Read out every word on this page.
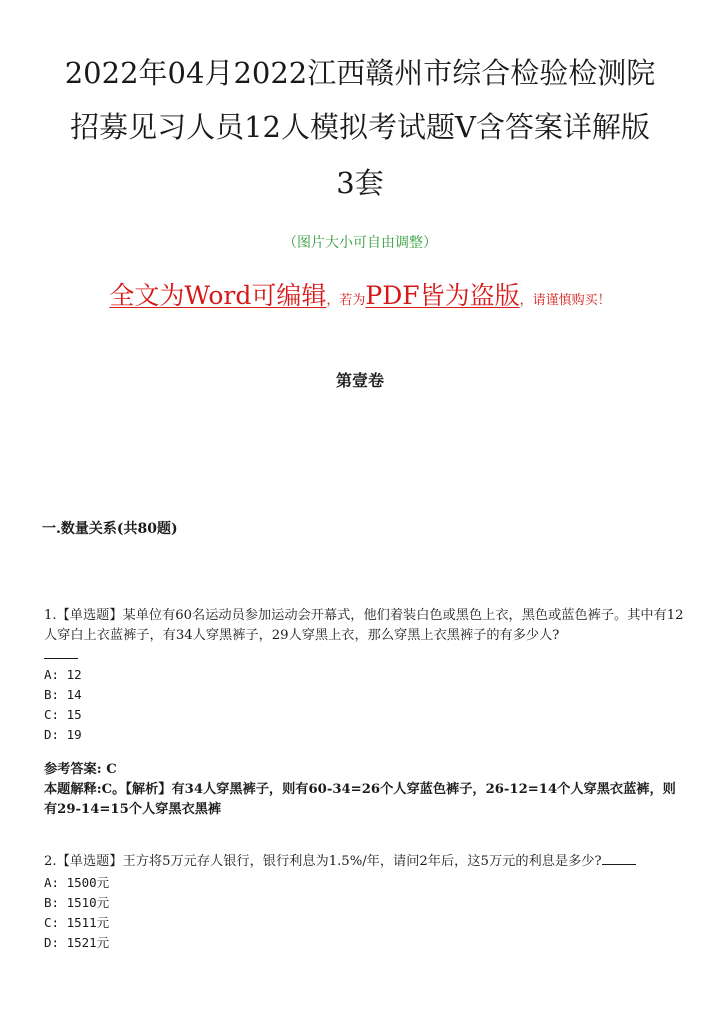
2022年04月2022江西赣州市综合检验检测院
招募见习人员12人模拟考试题V含答案详解版
3套
（图片大小可自由调整）
全文为Word可编辑，若为PDF皆为盗版，请谨慎购买！
第壹卷
一.数量关系(共80题)
1.【单选题】某单位有60名运动员参加运动会开幕式，他们着装白色或黑色上衣，黑色或蓝色裤子。其中有12人穿白上衣蓝裤子，有34人穿黑裤子，29人穿黑上衣，那么穿黑上衣黑裤子的有多少人?

A: 12
B: 14
C: 15
D: 19
参考答案: C
本题解释:C。【解析】有34人穿黑裤子，则有60-34=26个人穿蓝色裤子，26-12=14个人穿黑衣蓝裤，则有29-14=15个人穿黑衣黑裤
2.【单选题】王方将5万元存人银行，银行利息为1.5%/年，请问2年后，这5万元的利息是多少?
A: 1500元
B: 1510元
C: 1511元
D: 1521元
